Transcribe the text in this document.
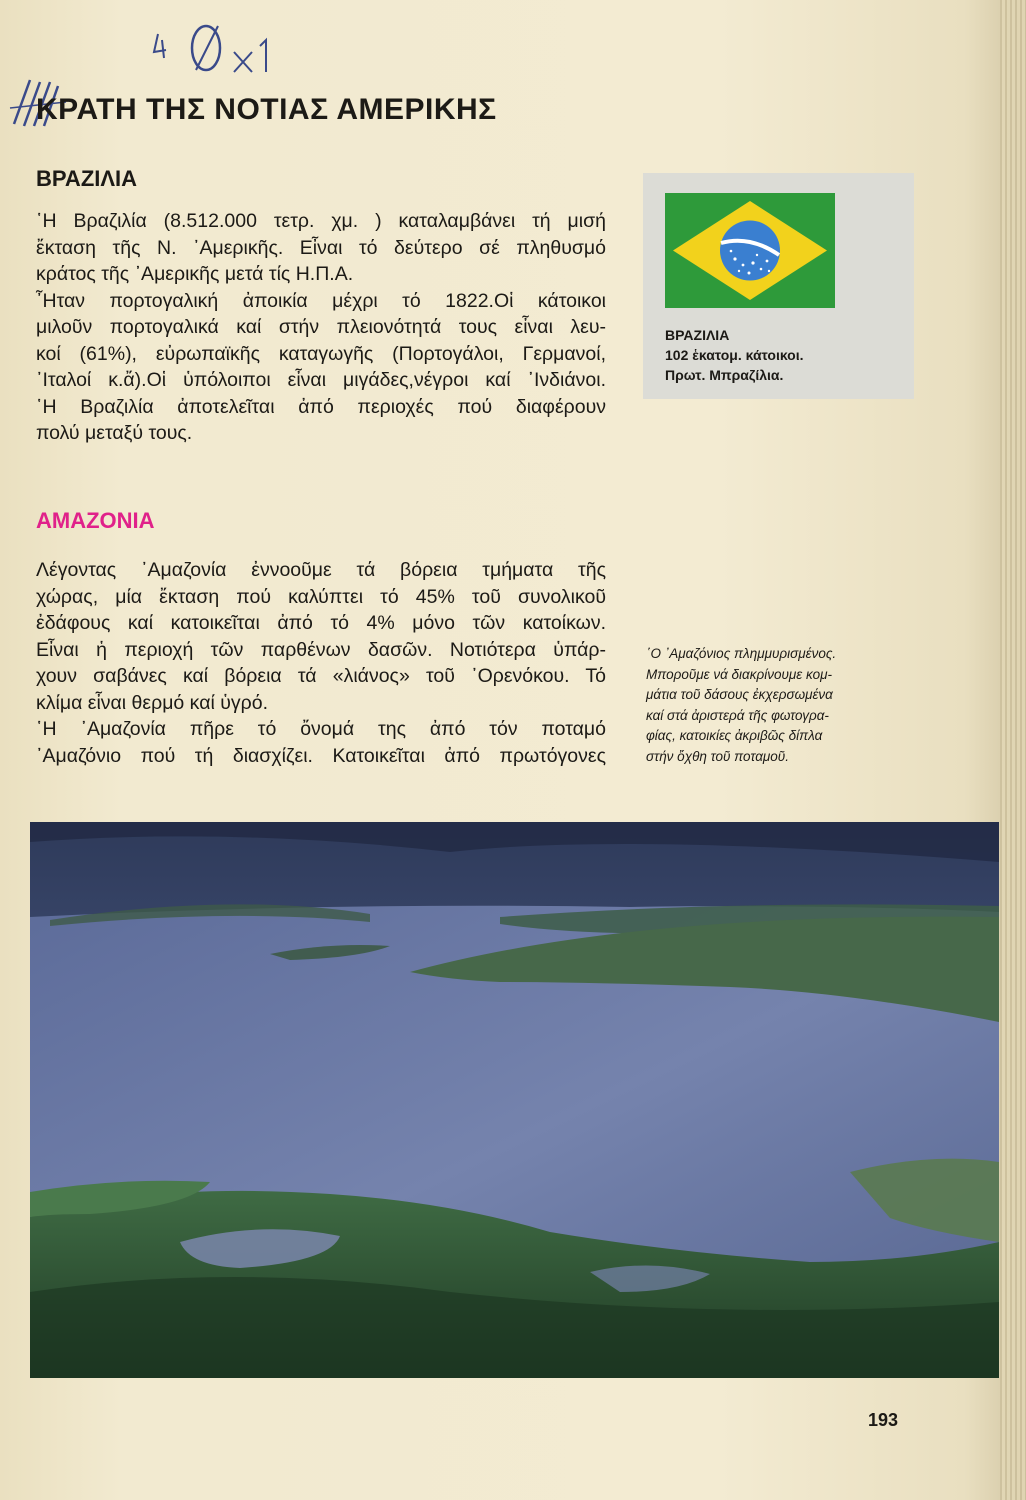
ΚΡΑΤΗ ΤΗΣ ΝΟΤΙΑΣ ΑΜΕΡΙΚΗΣ
ΒΡΑΖΙΛΙΑ
῾Η Βραζιλία (8.512.000 τετρ. χμ. ) καταλαμβάνει τή μισή
ἔκταση τῆς Ν. ᾽Αμερικῆς. Εἶναι τό δεύτερο σέ πληθυσμό
κράτος τῆς ᾽Αμερικῆς μετά τίς Η.Π.Α.
῏Ηταν πορτογαλική ἀποικία μέχρι τό 1822.Οἱ κάτοικοι
μιλοῦν πορτογαλικά καί στήν πλειονότητά τους εἶναι λευ-
κοί (61%), εὐρωπαϊκῆς καταγωγῆς (Πορτογάλοι, Γερμανοί,
᾽Ιταλοί κ.ἄ).Οἱ ὑπόλοιποι εἶναι μιγάδες,νέγροι καί ᾽Ινδιάνοι.
῾Η Βραζιλία ἀποτελεῖται ἀπό περιοχές πού διαφέρουν
πολύ μεταξύ τους.
ΑΜΑΖΟΝΙΑ
Λέγοντας ᾽Αμαζονία ἐννοοῦμε τά βόρεια τμήματα τῆς
χώρας, μία ἔκταση πού καλύπτει τό 45% τοῦ συνολικοῦ
ἐδάφους καί κατοικεῖται ἀπό τό 4% μόνο τῶν κατοίκων.
Εἶναι ἡ περιοχή τῶν παρθένων δασῶν. Νοτιότερα ὑπάρ-
χουν σαβάνες καί βόρεια τά «λιάνος» τοῦ ᾽Ορενόκου. Τό
κλίμα εἶναι θερμό καί ὑγρό.
῾Η ᾽Αμαζονία πῆρε τό ὄνομά της ἀπό τόν ποταμό
᾽Αμαζόνιο πού τή διασχίζει. Κατοικεῖται ἀπό πρωτόγονες
ΒΡΑΖΙΛΙΑ
102 ἑκατομ. κάτοικοι.
Πρωτ. Μπραζίλια.
῾Ο ᾽Αμαζόνιος πλημμυρισμένος.
Μποροῦμε νά διακρίνουμε κομ-
μάτια τοῦ δάσους ἐκχερσωμένα
καί στά ἀριστερά τῆς φωτογρα-
φίας, κατοικίες ἀκριβῶς δίπλα
στήν ὄχθη τοῦ ποταμοῦ.
193
